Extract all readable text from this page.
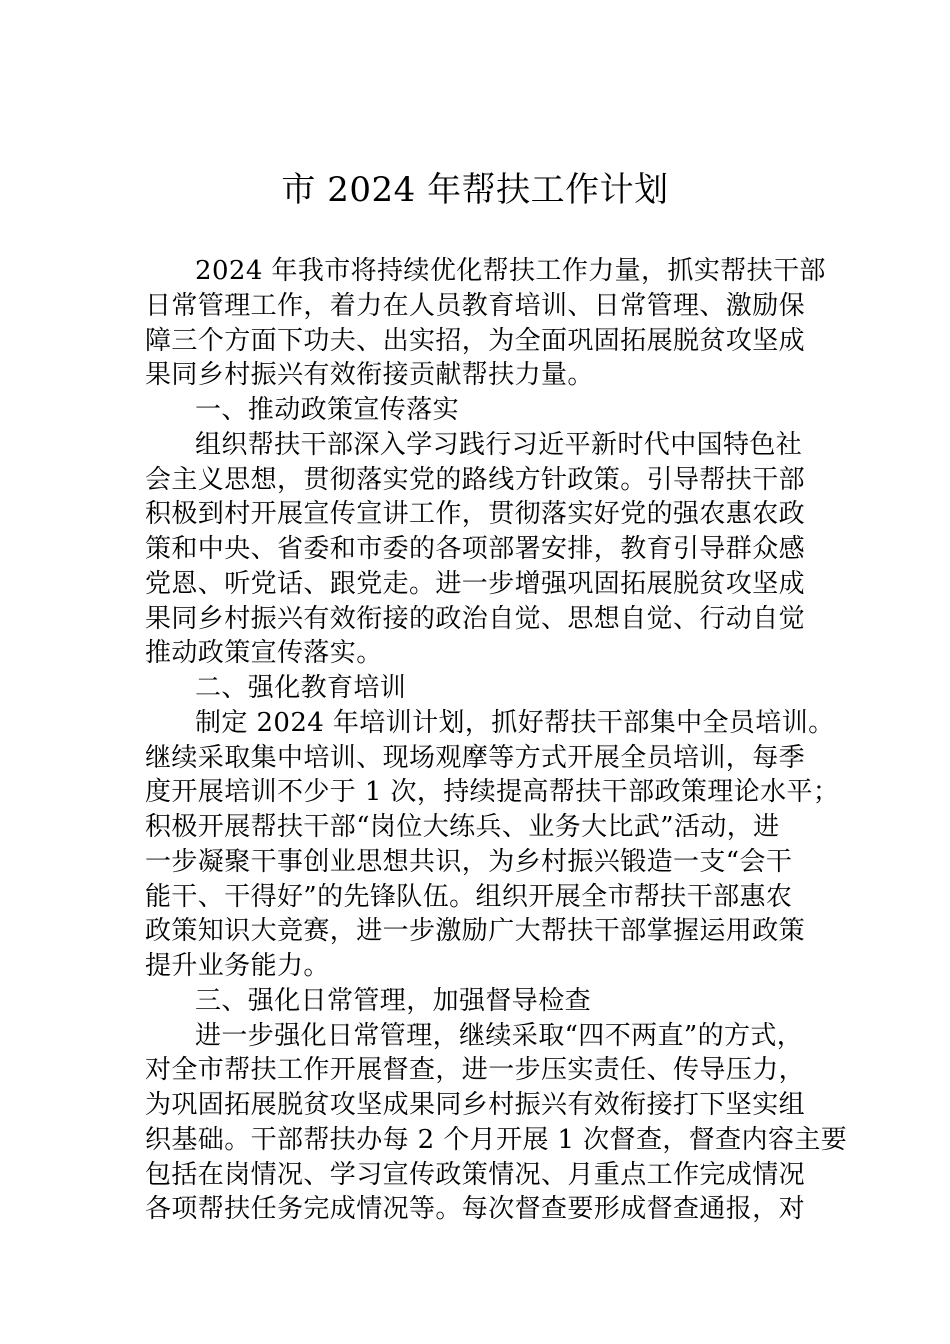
市 2024 年帮扶工作计划
2024 年我市将持续优化帮扶工作力量，抓实帮扶干部
日常管理工作，着力在人员教育培训、日常管理、激励保
障三个方面下功夫、出实招，为全面巩固拓展脱贫攻坚成
果同乡村振兴有效衔接贡献帮扶力量。
一、推动政策宣传落实
组织帮扶干部深入学习践行习近平新时代中国特色社
会主义思想，贯彻落实党的路线方针政策。引导帮扶干部
积极到村开展宣传宣讲工作，贯彻落实好党的强农惠农政
策和中央、省委和市委的各项部署安排，教育引导群众感
党恩、听党话、跟党走。进一步增强巩固拓展脱贫攻坚成
果同乡村振兴有效衔接的政治自觉、思想自觉、行动自觉
推动政策宣传落实。
二、强化教育培训
制定 2024 年培训计划，抓好帮扶干部集中全员培训。
继续采取集中培训、现场观摩等方式开展全员培训，每季
度开展培训不少于 1 次，持续提高帮扶干部政策理论水平；
积极开展帮扶干部“岗位大练兵、业务大比武”活动，进
一步凝聚干事创业思想共识，为乡村振兴锻造一支“会干
能干、干得好”的先锋队伍。组织开展全市帮扶干部惠农
政策知识大竞赛，进一步激励广大帮扶干部掌握运用政策
提升业务能力。
三、强化日常管理，加强督导检查
进一步强化日常管理，继续采取“四不两直”的方式，
对全市帮扶工作开展督查，进一步压实责任、传导压力，
为巩固拓展脱贫攻坚成果同乡村振兴有效衔接打下坚实组
织基础。干部帮扶办每 2 个月开展 1 次督查，督查内容主要
包括在岗情况、学习宣传政策情况、月重点工作完成情况
各项帮扶任务完成情况等。每次督查要形成督查通报，对
